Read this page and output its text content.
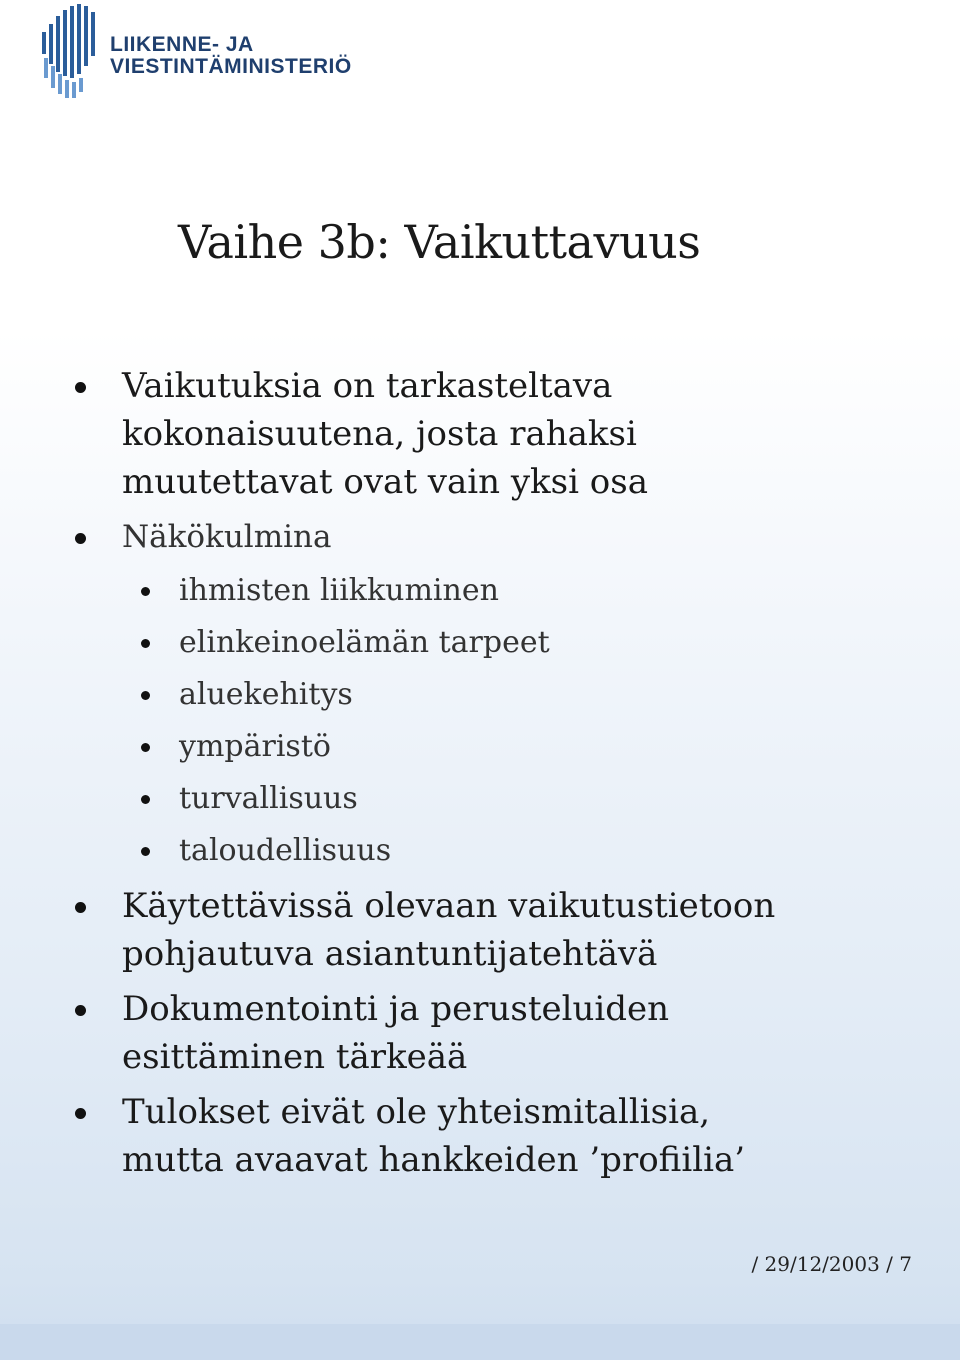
LIIKENNE- JA
VIESTINTÄMINISTERIÖ
Vaihe 3b: Vaikuttavuus
Vaikutuksia on tarkasteltava
kokonaisuutena, josta rahaksi
muutettavat ovat vain yksi osa
Näkökulmina
ihmisten liikkuminen
elinkeinoelämän tarpeet
aluekehitys
ympäristö
turvallisuus
taloudellisuus
Käytettävissä olevaan vaikutustietoon
pohjautuva asiantuntijatehtävä
Dokumentointi ja perusteluiden
esittäminen tärkeää
Tulokset eivät ole yhteismitallisia,
mutta avaavat hankkeiden ’profiilia’
/ 29/12/2003 / 7
